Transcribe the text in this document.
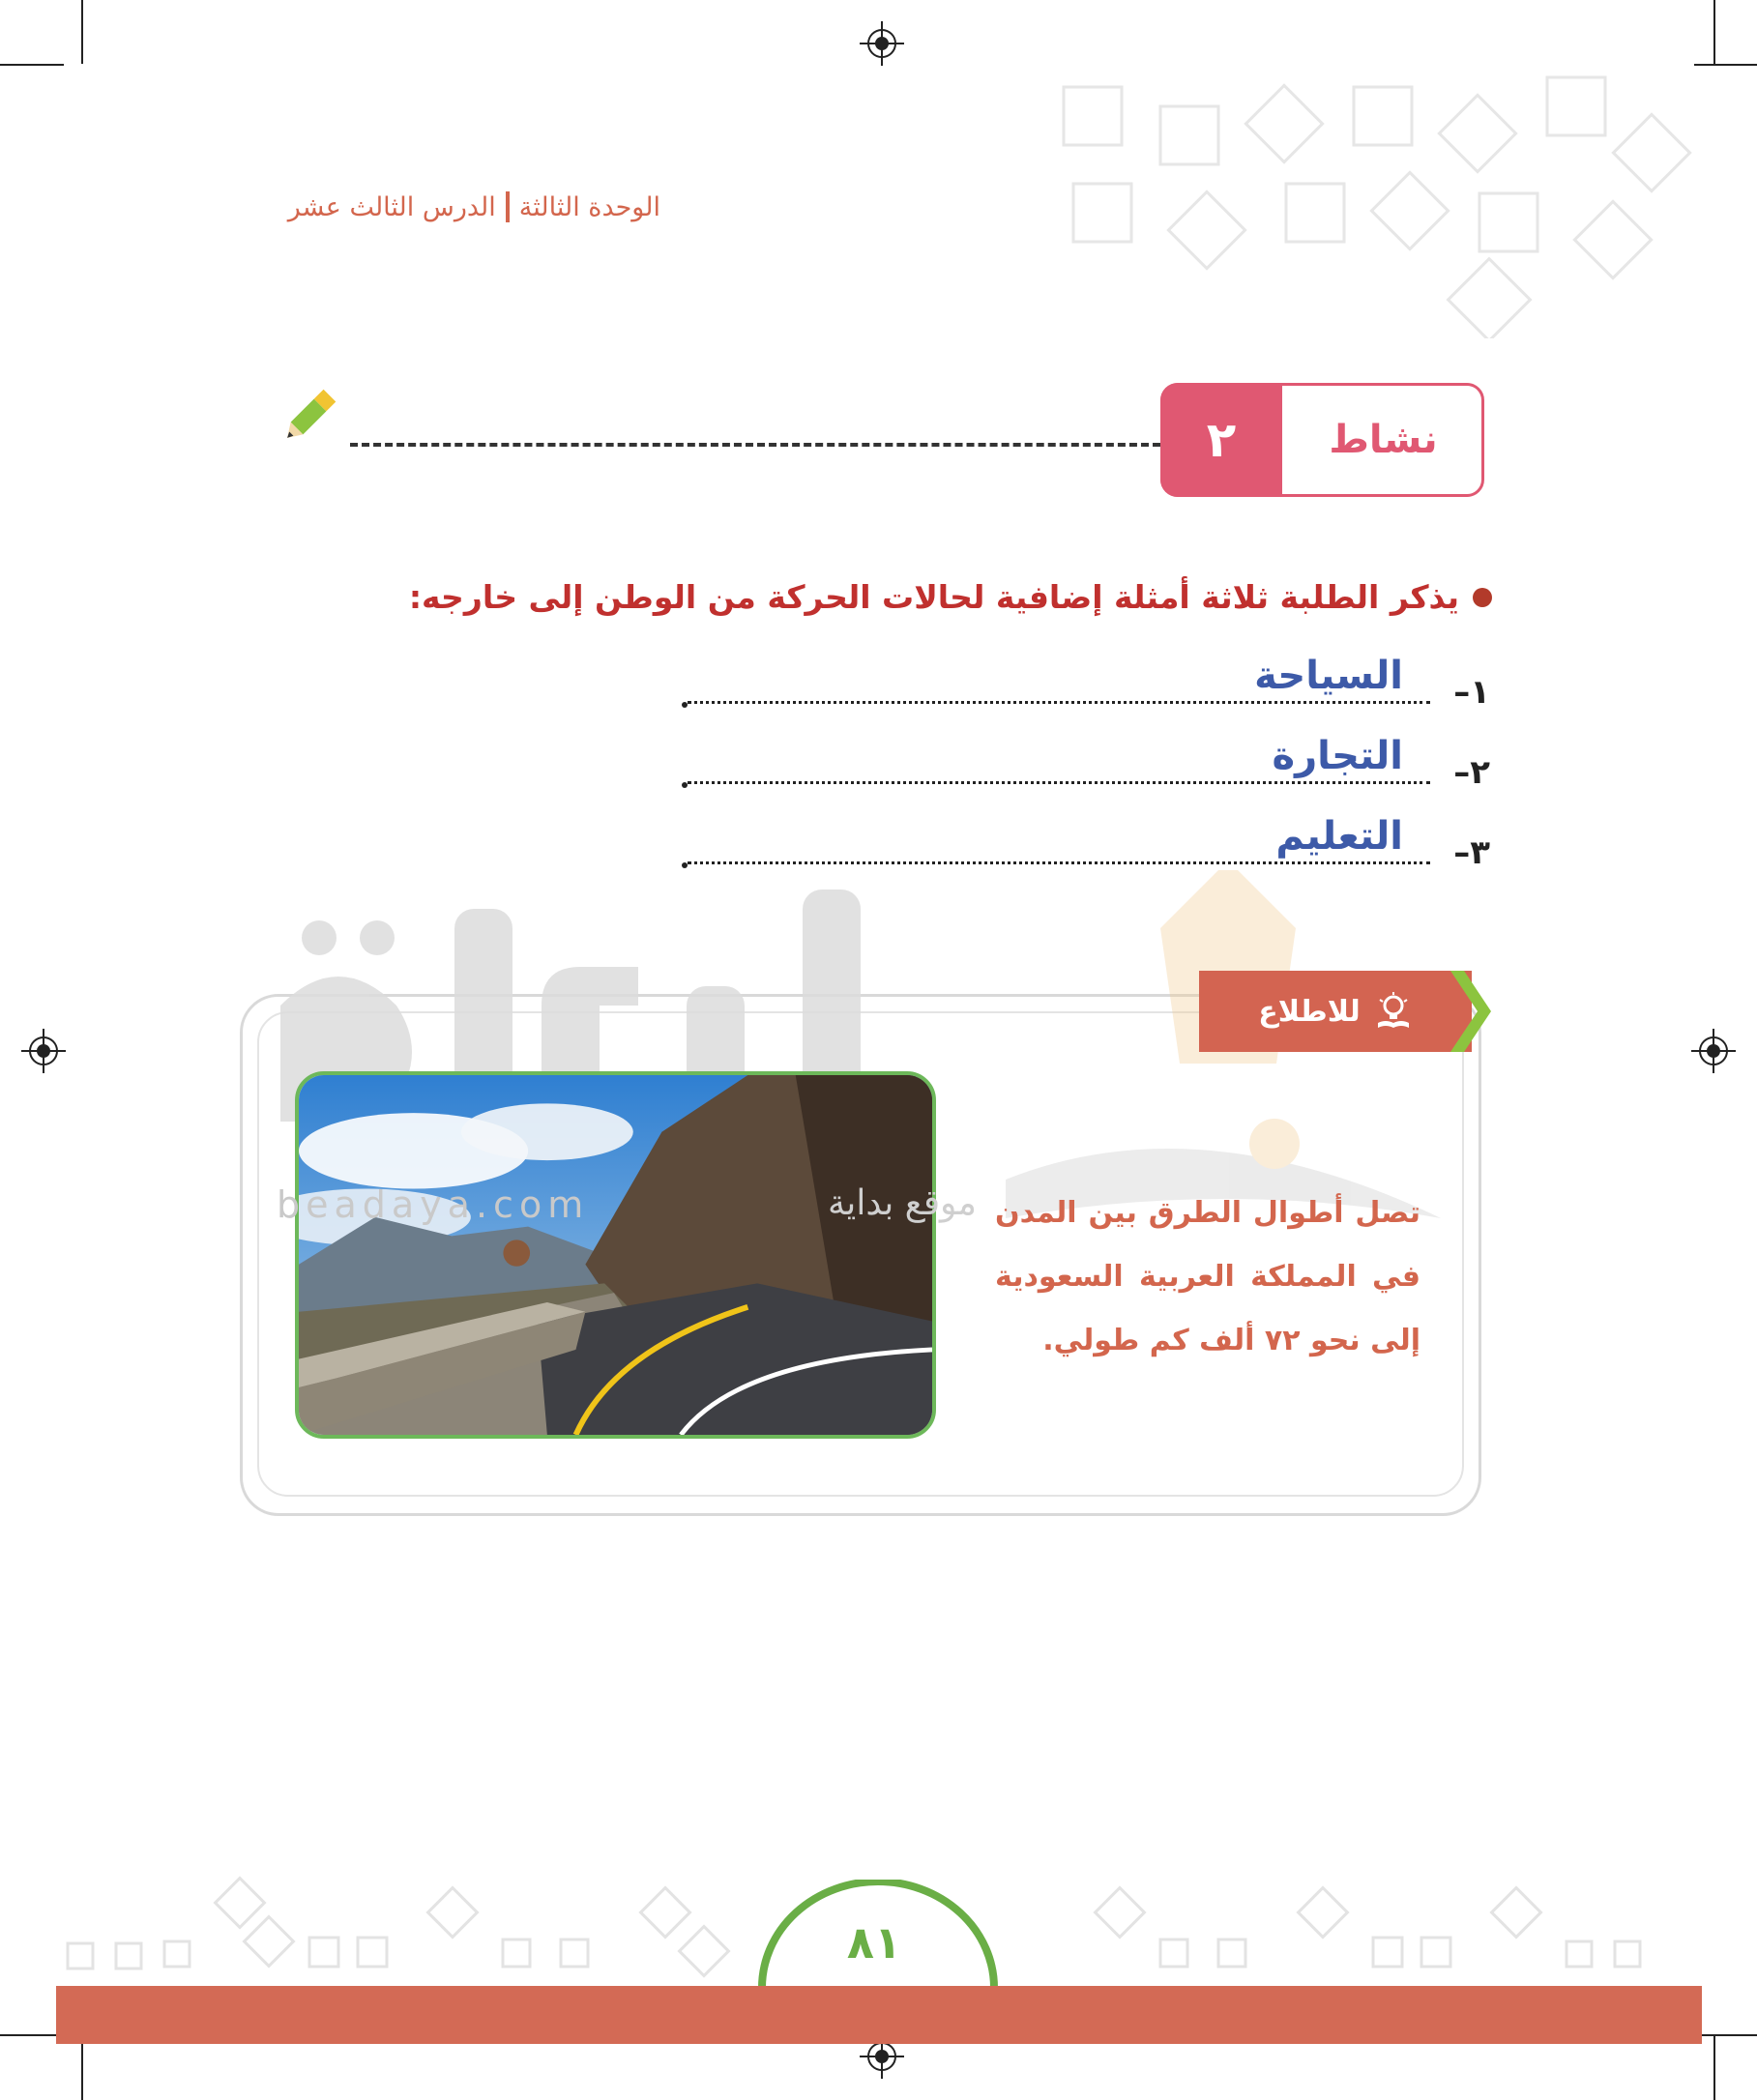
الوحدة الثالثة
الدرس الثالث عشر
٢	نشاط
يذكر الطلبة ثلاثة أمثلة إضافية لحالات الحركة من الوطن إلى خارجه:
١–
السياحة
٢–
التجارة
٣–
التعليم
للاطلاع
beadaya.com	موقع بداية تصل أطوال الطرق بين المدن في المملكة العربية السعودية إلى نحو ٧٢ ألف كم طولي.
٨١
